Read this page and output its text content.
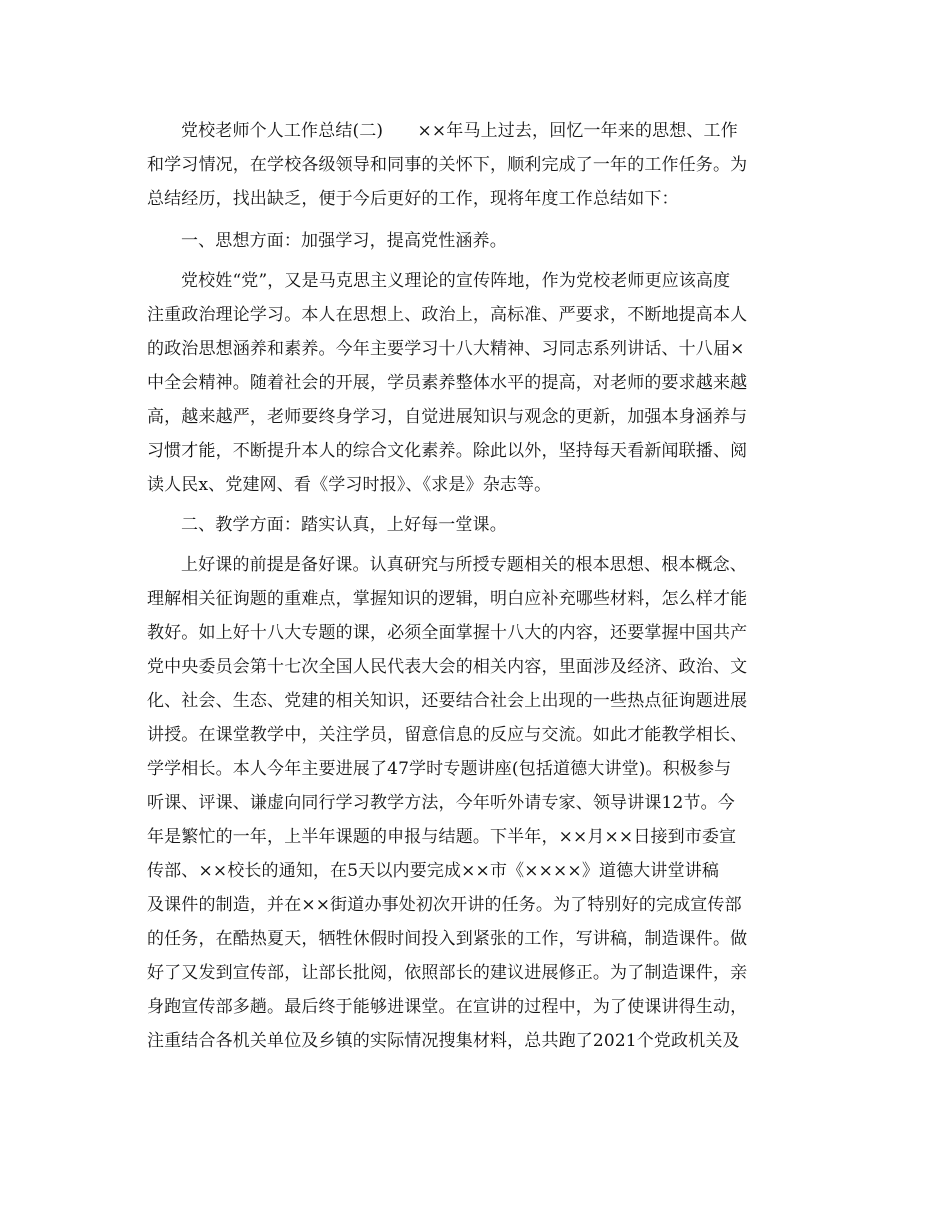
党校老师个人工作总结(二)　　××年马上过去，回忆一年来的思想、工作
和学习情况，在学校各级领导和同事的关怀下，顺利完成了一年的工作任务。为
总结经历，找出缺乏，便于今后更好的工作，现将年度工作总结如下：
一、思想方面：加强学习，提高党性涵养。
党校姓“党”，又是马克思主义理论的宣传阵地，作为党校老师更应该高度
注重政治理论学习。本人在思想上、政治上，高标准、严要求，不断地提高本人
的政治思想涵养和素养。今年主要学习十八大精神、习同志系列讲话、十八届×
中全会精神。随着社会的开展，学员素养整体水平的提高，对老师的要求越来越
高，越来越严，老师要终身学习，自觉进展知识与观念的更新，加强本身涵养与
习惯才能，不断提升本人的综合文化素养。除此以外，坚持每天看新闻联播、阅
读人民x、党建网、看《学习时报》、《求是》杂志等。
二、教学方面：踏实认真，上好每一堂课。
上好课的前提是备好课。认真研究与所授专题相关的根本思想、根本概念、
理解相关征询题的重难点，掌握知识的逻辑，明白应补充哪些材料，怎么样才能
教好。如上好十八大专题的课，必须全面掌握十八大的内容，还要掌握中国共产
党中央委员会第十七次全国人民代表大会的相关内容，里面涉及经济、政治、文
化、社会、生态、党建的相关知识，还要结合社会上出现的一些热点征询题进展
讲授。在课堂教学中，关注学员，留意信息的反应与交流。如此才能教学相长、
学学相长。本人今年主要进展了47学时专题讲座(包括道德大讲堂)。积极参与
听课、评课、谦虚向同行学习教学方法，今年听外请专家、领导讲课12节。今
年是繁忙的一年，上半年课题的申报与结题。下半年，××月××日接到市委宣
传部、××校长的通知，在5天以内要完成××市《××××》道德大讲堂讲稿
及课件的制造，并在××街道办事处初次开讲的任务。为了特别好的完成宣传部
的任务，在酷热夏天，牺牲休假时间投入到紧张的工作，写讲稿，制造课件。做
好了又发到宣传部，让部长批阅，依照部长的建议进展修正。为了制造课件，亲
身跑宣传部多趟。最后终于能够进课堂。在宣讲的过程中，为了使课讲得生动，
注重结合各机关单位及乡镇的实际情况搜集材料，总共跑了2021个党政机关及
